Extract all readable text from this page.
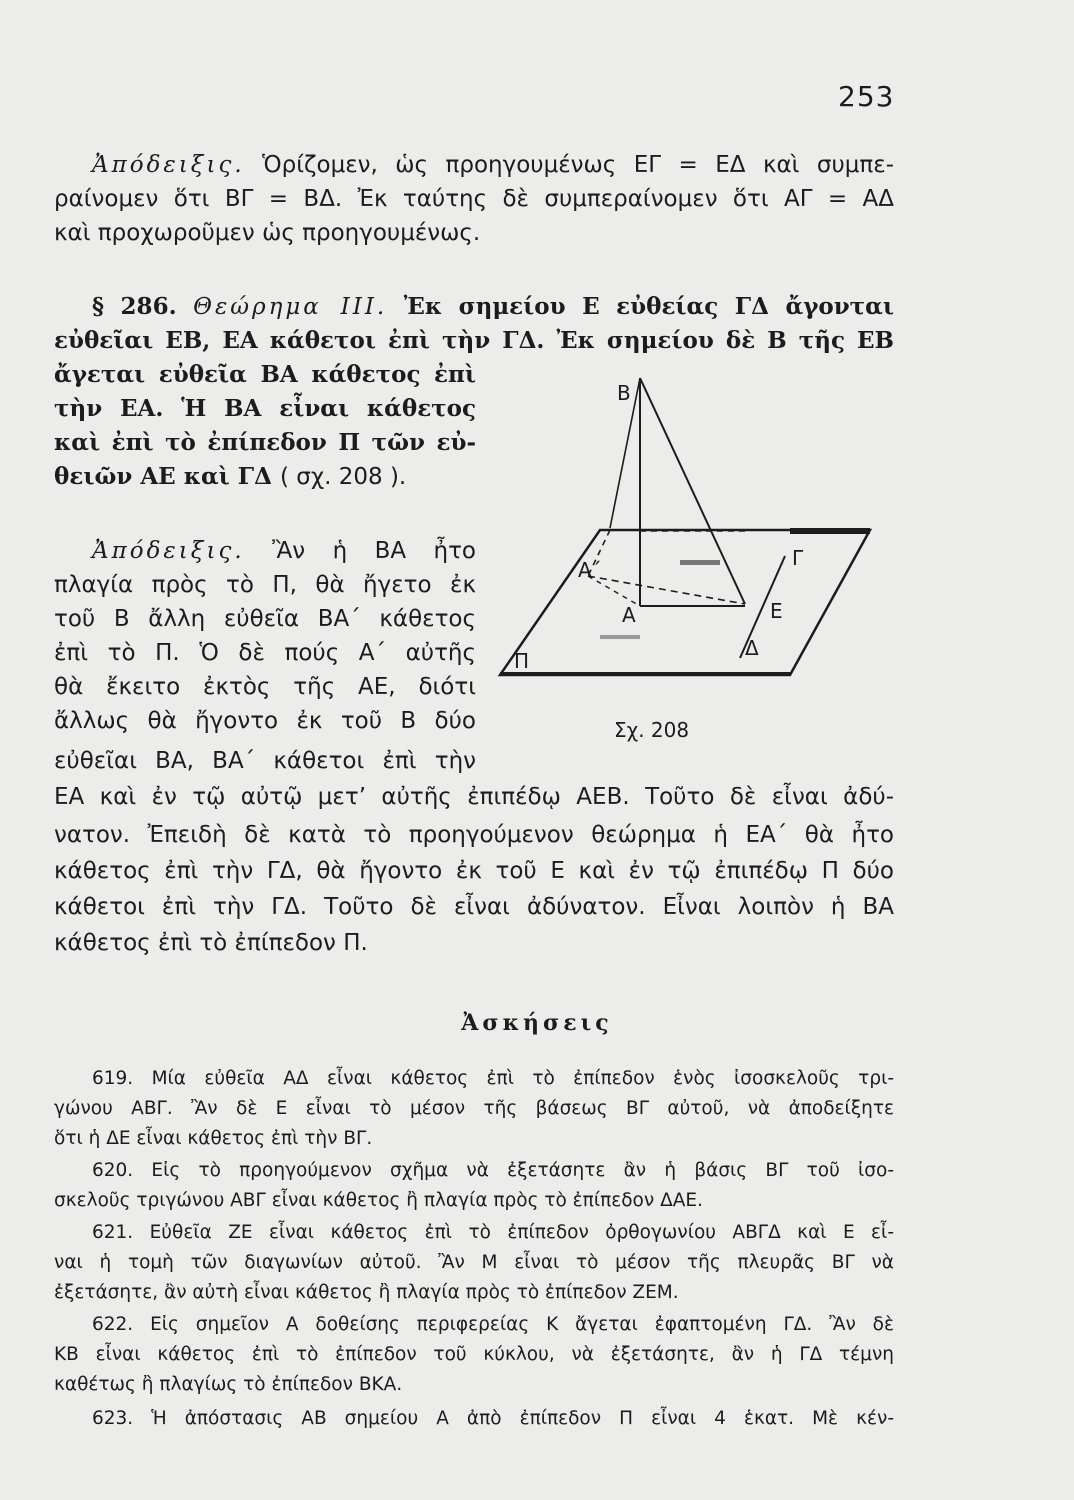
253
Ἀπόδειξις. Ὁρίζομεν, ὡς προηγουμένως ΕΓ = ΕΔ καὶ συμπε-
ραίνομεν ὅτι ΒΓ = ΒΔ. Ἐκ ταύτης δὲ συμπεραίνομεν ὅτι ΑΓ = ΑΔ
καὶ προχωροῦμεν ὡς προηγουμένως.
§ 286. Θεώρημα ΙΙΙ. Ἐκ σημείου Ε εὐθείας ΓΔ ἄγονται
εὐθεῖαι ΕΒ, ΕΑ κάθετοι ἐπὶ τὴν ΓΔ. Ἐκ σημείου δὲ Β τῆς ΕΒ
ἄγεται εὐθεῖα ΒΑ κάθετος ἐπὶ
τὴν ΕΑ. Ἡ ΒΑ εἶναι κάθετος
καὶ ἐπὶ τὸ ἐπίπεδον Π τῶν εὐ-
θειῶν ΑΕ καὶ ΓΔ ( σχ. 208 ).
Ἀπόδειξις. Ἂν ἡ ΒΑ ἦτο
πλαγία πρὸς τὸ Π, θὰ ἤγετο ἐκ
τοῦ Β ἄλλη εὐθεῖα ΒΑ΄ κάθετος
ἐπὶ τὸ Π. Ὁ δὲ πούς Α΄ αὐτῆς
θὰ ἔκειτο ἐκτὸς τῆς ΑΕ, διότι
ἄλλως θὰ ἤγοντο ἐκ τοῦ Β δύο
εὐθεῖαι ΒΑ, ΒΑ΄ κάθετοι ἐπὶ τὴν
ΕΑ καὶ ἐν τῷ αὐτῷ μετ’ αὐτῆς ἐπιπέδῳ ΑΕΒ. Τοῦτο δὲ εἶναι ἀδύ-
νατον. Ἐπειδὴ δὲ κατὰ τὸ προηγούμενον θεώρημα ἡ ΕΑ΄ θὰ ἦτο
κάθετος ἐπὶ τὴν ΓΔ, θὰ ἤγοντο ἐκ τοῦ Ε καὶ ἐν τῷ ἐπιπέδῳ Π δύο
κάθετοι ἐπὶ τὴν ΓΔ. Τοῦτο δὲ εἶναι ἀδύνατον. Εἶναι λοιπὸν ἡ ΒΑ
κάθετος ἐπὶ τὸ ἐπίπεδον Π.
Β
Α΄
Α
Γ
Ε
Δ
Π
Σχ. 208
Ἀσκήσεις
619. Μία εὐθεῖα ΑΔ εἶναι κάθετος ἐπὶ τὸ ἐπίπεδον ἑνὸς ἰσοσκελοῦς τρι-
γώνου ΑΒΓ. Ἂν δὲ Ε εἶναι τὸ μέσον τῆς βάσεως ΒΓ αὐτοῦ, νὰ ἀποδείξητε
ὅτι ἡ ΔΕ εἶναι κάθετος ἐπὶ τὴν ΒΓ.
620. Εἰς τὸ προηγούμενον σχῆμα νὰ ἐξετάσητε ἂν ἡ βάσις ΒΓ τοῦ ἰσο-
σκελοῦς τριγώνου ΑΒΓ εἶναι κάθετος ἢ πλαγία πρὸς τὸ ἐπίπεδον ΔΑΕ.
621. Εὐθεῖα ΖΕ εἶναι κάθετος ἐπὶ τὸ ἐπίπεδον ὀρθογωνίου ΑΒΓΔ καὶ Ε εἶ-
ναι ἡ τομὴ τῶν διαγωνίων αὐτοῦ. Ἂν Μ εἶναι τὸ μέσον τῆς πλευρᾶς ΒΓ νὰ
ἐξετάσητε, ἂν αὐτὴ εἶναι κάθετος ἢ πλαγία πρὸς τὸ ἐπίπεδον ΖΕΜ.
622. Εἰς σημεῖον Α δοθείσης περιφερείας Κ ἄγεται ἐφαπτομένη ΓΔ. Ἂν δὲ
ΚΒ εἶναι κάθετος ἐπὶ τὸ ἐπίπεδον τοῦ κύκλου, νὰ ἐξετάσητε, ἂν ἡ ΓΔ τέμνη
καθέτως ἢ πλαγίως τὸ ἐπίπεδον ΒΚΑ.
623. Ἡ ἀπόστασις ΑΒ σημείου Α ἀπὸ ἐπίπεδον Π εἶναι 4 ἑκατ. Μὲ κέν-
